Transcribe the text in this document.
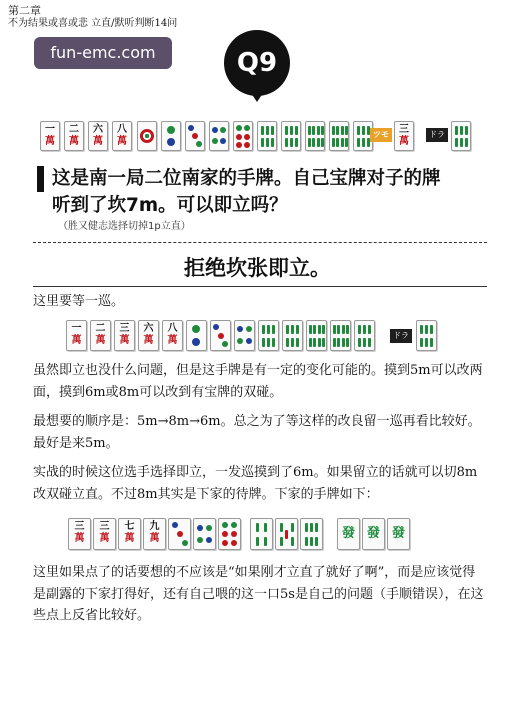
第二章
不为结果或喜或悲 立直/默听判断14问
fun-emc.com	Q9
一
萬
二
萬
六
萬
八
萬
ツモ	三
萬
ドラ
这是南一局二位南家的手牌。自己宝牌对子的牌
听到了坎7m。可以即立吗？
（胜又健志选择切掉1p立直）
拒绝坎张即立。
这里要等一巡。
一
萬
二
萬
三
萬
六
萬
八
萬	ドラ
虽然即立也没什么问题，但是这手牌是有一定的变化可能的。摸到5m可以改两面，摸到6m或8m可以改到有宝牌的双碰。
最想要的顺序是：5m→8m→6m。总之为了等这样的改良留一巡再看比较好。最好是来5m。
实战的时候这位选手选择即立，一发巡摸到了6m。如果留立的话就可以切8m改双碰立直。不过8m其实是下家的待牌。下家的手牌如下：
三
萬
三
萬
七
萬
九
萬	發 發 發
这里如果点了的话要想的不应该是“如果刚才立直了就好了啊”，而是应该觉得是副露的下家打得好，还有自己喂的这一口5s是自己的问题（手顺错误），在这些点上反省比较好。
